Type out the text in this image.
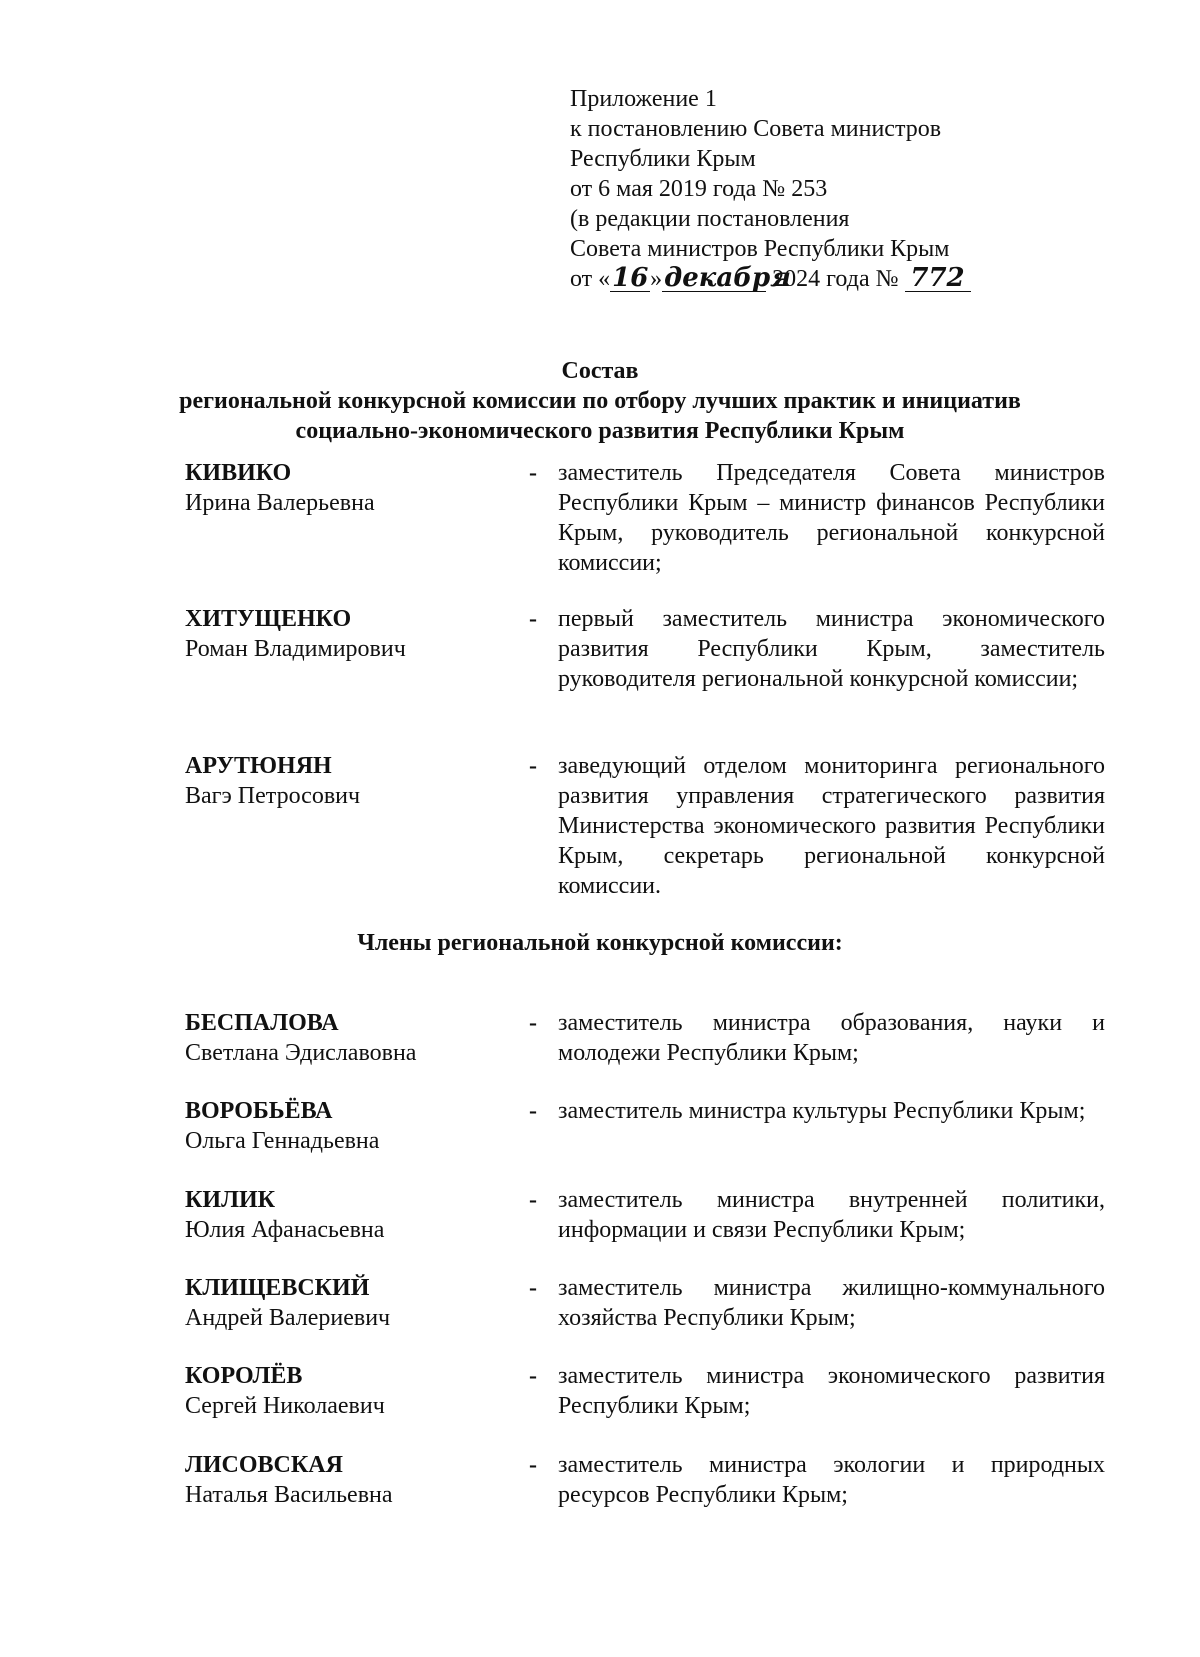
Приложение 1
к постановлению Совета министров
Республики Крым
от 6 мая 2019 года № 253
(в редакции постановления
Совета министров Республики Крым
от «16»декабря 2024 года № 772
Состав
региональной конкурсной комиссии по отбору лучших практик и инициатив
социально-экономического развития Республики Крым
КИВИКО
Ирина Валерьевна
- заместитель Председателя Совета министров Республики Крым – министр финансов Республики Крым, руководитель региональной конкурсной комиссии;
ХИТУЩЕНКО
Роман Владимирович
- первый заместитель министра экономического развития Республики Крым, заместитель руководителя региональной конкурсной комиссии;
АРУТЮНЯН
Вагэ Петросович
- заведующий отделом мониторинга регионального развития управления стратегического развития Министерства экономического развития Республики Крым, секретарь региональной конкурсной комиссии.
Члены региональной конкурсной комиссии:
БЕСПАЛОВА
Светлана Эдиславовна
- заместитель министра образования, науки и молодежи Республики Крым;
ВОРОБЬЁВА
Ольга Геннадьевна
- заместитель министра культуры Республики Крым;
КИЛИК
Юлия Афанасьевна
- заместитель министра внутренней политики, информации и связи Республики Крым;
КЛИЩЕВСКИЙ
Андрей Валериевич
- заместитель министра жилищно-коммунального хозяйства Республики Крым;
КОРОЛЁВ
Сергей Николаевич
- заместитель министра экономического развития Республики Крым;
ЛИСОВСКАЯ
Наталья Васильевна
- заместитель министра экологии и природных ресурсов Республики Крым;
